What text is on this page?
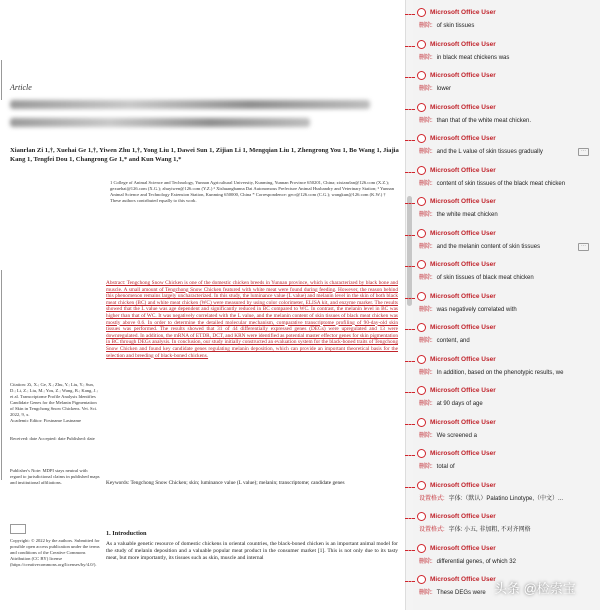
Article
Xianrlan Zi 1,†, Xuehai Ge 1,†, Yiwen Zhu 1,†, Yong Liu 1, Dawei Sun 1, Zijian Li 1, Mengqian Liu 1, Zhengrong You 1, Bo Wang 1, Jiajia Kang 1, Tengfei Dou 1, Changrong Ge 1,* and Kun Wang 1,*
1 College of Animal Science and Technology, Yunnan Agricultural University, Kunming, Yunnan Province 650201, China; zixianrlan@126.com (X.Z.); gexuehai@126.com (X.G.); zhuyiwen@126.com (Y.Z.) ² Xishuangbanna Dai Autonomous Prefecture Animal Husbandry and Veterinary Station; ³ Yunnan Animal Science and Technology Extension Station, Kunming 650000, China * Correspondence: gecr@126.com (C.G.); wangkun@126.com (K.W.) † These authors contributed equally to this work.
Abstract: Tengchong Snow Chicken is one of the domestic chicken breeds in Yunnan province, which is characterized by black bone and muscle. A small amount of Tengchong Snow Chicken featured with white meat were found during feeding. However, the reason behind this phenomenon remains largely uncharacterized. In this study, the luminance value (L value) and melanin level in the skin of both black meat chicken (BC) and white meat chicken (WC) were measured by using color colorimeter, ELISA kit, and enzyme marker. The results showed that the L value was age dependent and significantly reduced in BC compared to WC. In contrast, the melanin level in BC was higher than that of WC. It was negatively correlated with the L value, and the melanin content of skin tissues of black meat chicken was mostly above 0.6. In order to determine the detailed molecular mechanism, comparative transcriptome profiling of 90-day-old skin tissues was performed. The results showed that 31 of 44 differentially expressed genes (DEGs) were upregulated and 13 were downregulated. In addition, the mRNA of ETDR, DCT, and KRN were identified as potential master effector genes for skin pigmentation in BC through DEGs analysis. In conclusion, our study initially constructed an evaluation system for the black-boned traits of Tengchong Snow Chicken and found key candidate genes regulating melanin deposition, which can provide an important theoretical basis for the selection and breeding of black-boned chickens.
Keywords: Tengchong Snow Chicken; skin; luminance value (L value); melanin; transcriptome; candidate genes
Citation: Zi, X.; Ge, X.; Zhu, Y.; Liu, Y.; Sun, D.; Li, Z.; Liu, M.; You, Z.; Wang, B.; Kang, J.; et al. Transcriptome Profile Analysis Identifies Candidate Genes for the Melanin Pigmentation of Skin in Tengchong Snow Chickens. Vet. Sci. 2022, 9, x.
Academic Editor: Firstname Lastname
Received: date Accepted: date Published: date
Publisher's Note: MDPI stays neutral with regard to jurisdictional claims in published maps and institutional affiliations.
Copyright: © 2022 by the authors. Submitted for possible open access publication under the terms and conditions of the Creative Commons Attribution (CC BY) license (https://creativecommons.org/licenses/by/4.0/).
1. Introduction
As a valuable genetic resource of domestic chickens in oriental countries, the black-boned chicken is an important animal model for the study of melanin deposition and a valuable popular meat product in the consumer market [1]. This is not only due to its tasty meat, but more importantly, its tissues such as skin, muscle and internal
Microsoft Office User
删除: of skin tissues
Microsoft Office User
删除: in black meat chickens was
Microsoft Office User
删除: lower
Microsoft Office User
删除: than that of the white meat chicken.
Microsoft Office User
删除: and the L value of skin tissues gradually	⋯
Microsoft Office User
删除: content of skin tissues of the black meat chicken
Microsoft Office User
删除: the white meat chicken
Microsoft Office User
删除: and the melanin content of skin tissues	⋯
Microsoft Office User
删除: of skin tissues of black meat chicken
Microsoft Office User
删除: was negatively correlated with
Microsoft Office User
删除: content, and
Microsoft Office User
删除: In addition, based on the phenotypic results, we
Microsoft Office User
删除: at 90 days of age
Microsoft Office User
删除: We screened a
Microsoft Office User
删除: total of
Microsoft Office User
设置格式: 字体:（默认）Palatino Linotype,（中文）...
Microsoft Office User
设置格式: 字体: 小五, 非加粗, 不对齐网格
Microsoft Office User
删除: differential genes, of which 32
Microsoft Office User
删除: These DEGs were 头条 @检索宝
